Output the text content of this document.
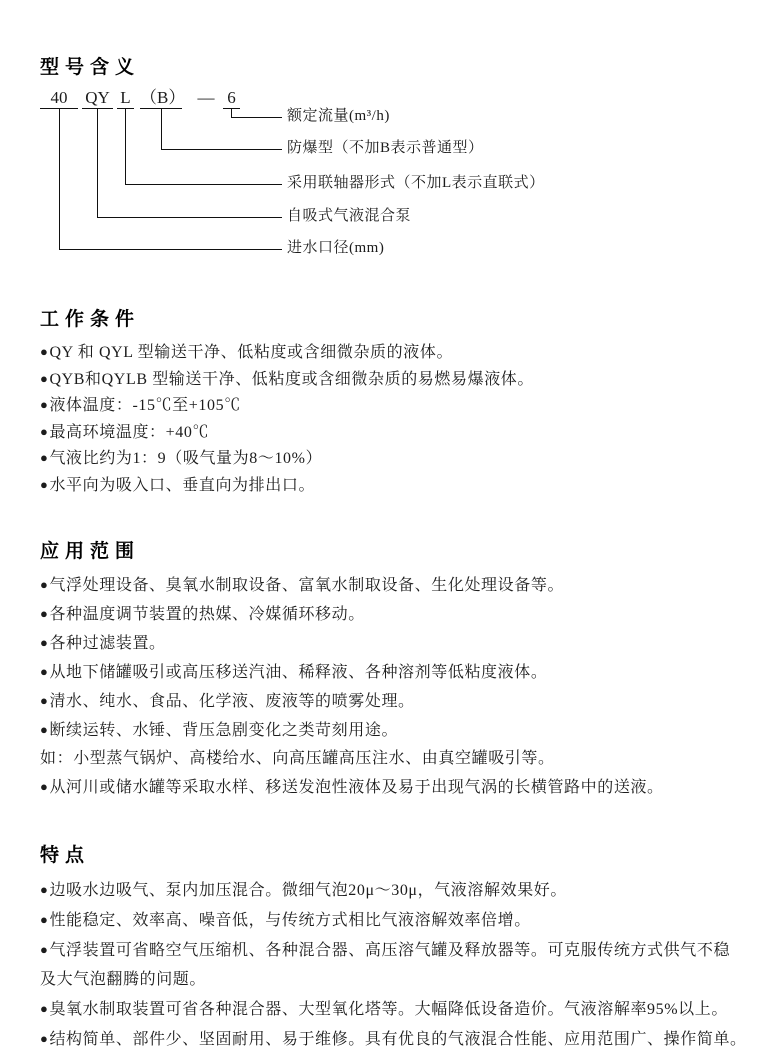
型号含义
40	QY L （B） — 6
额定流量(m³/h)
防爆型（不加B表示普通型）
采用联轴器形式（不加L表示直联式）
自吸式气液混合泵
进水口径(mm)
工作条件
●QY 和 QYL 型输送干净、低粘度或含细微杂质的液体。
●QYB和QYLB 型输送干净、低粘度或含细微杂质的易燃易爆液体。
●液体温度：-15℃至+105℃
●最高环境温度：+40℃
●气液比约为1：9（吸气量为8～10%）
●水平向为吸入口、垂直向为排出口。
应用范围
●气浮处理设备、臭氧水制取设备、富氧水制取设备、生化处理设备等。
●各种温度调节装置的热媒、冷媒循环移动。
●各种过滤装置。
●从地下储罐吸引或高压移送汽油、稀释液、各种溶剂等低粘度液体。
●清水、纯水、食品、化学液、废液等的喷雾处理。
●断续运转、水锤、背压急剧变化之类苛刻用途。
如：小型蒸气锅炉、高楼给水、向高压罐高压注水、由真空罐吸引等。
●从河川或储水罐等采取水样、移送发泡性液体及易于出现气涡的长横管路中的送液。
特点
●边吸水边吸气、泵内加压混合。微细气泡20μ～30μ，气液溶解效果好。
●性能稳定、效率高、噪音低，与传统方式相比气液溶解效率倍增。
●气浮装置可省略空气压缩机、各种混合器、高压溶气罐及释放器等。可克服传统方式供气不稳
及大气泡翻腾的问题。
●臭氧水制取装置可省各种混合器、大型氧化塔等。大幅降低设备造价。气液溶解率95%以上。
●结构简单、部件少、坚固耐用、易于维修。具有优良的气液混合性能、应用范围广、操作简单。
